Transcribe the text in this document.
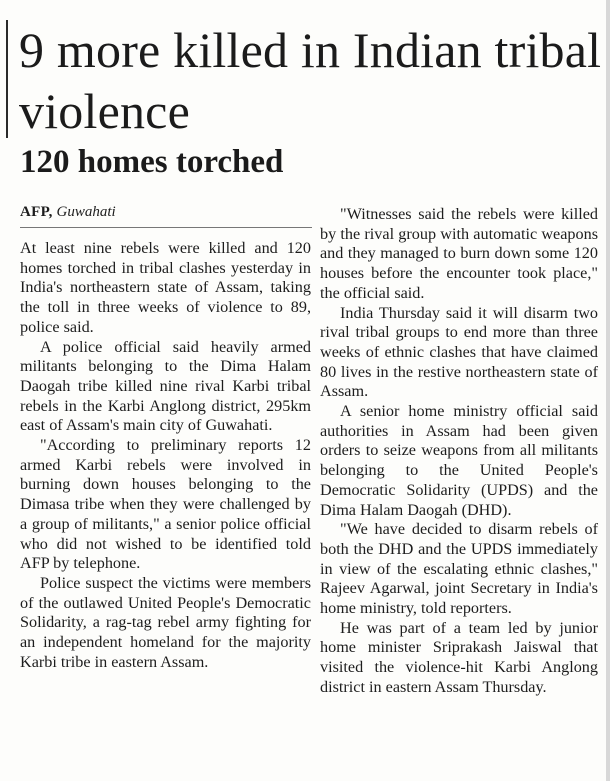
9 more killed in Indian tribal violence
120 homes torched
AFP, Guwahati

At least nine rebels were killed and 120 homes torched in tribal clashes yesterday in India's northeastern state of Assam, taking the toll in three weeks of violence to 89, police said.

A police official said heavily armed militants belonging to the Dima Halam Daogah tribe killed nine rival Karbi tribal rebels in the Karbi Anglong district, 295km east of Assam's main city of Guwahati.

"According to preliminary reports 12 armed Karbi rebels were involved in burning down houses belonging to the Dimasa tribe when they were challenged by a group of militants," a senior police official who did not wished to be identified told AFP by telephone.

Police suspect the victims were members of the outlawed United People's Democratic Solidarity, a rag-tag rebel army fighting for an independent homeland for the majority Karbi tribe in eastern Assam.

"Witnesses said the rebels were killed by the rival group with automatic weapons and they managed to burn down some 120 houses before the encounter took place," the official said.

India Thursday said it will disarm two rival tribal groups to end more than three weeks of ethnic clashes that have claimed 80 lives in the restive northeastern state of Assam.

A senior home ministry official said authorities in Assam had been given orders to seize weapons from all militants belonging to the United People's Democratic Solidarity (UPDS) and the Dima Halam Daogah (DHD).

"We have decided to disarm rebels of both the DHD and the UPDS immediately in view of the escalating ethnic clashes," Rajeev Agarwal, joint Secretary in India's home ministry, told reporters.

He was part of a team led by junior home minister Sriprakash Jaiswal that visited the violence-hit Karbi Anglong district in eastern Assam Thursday.
